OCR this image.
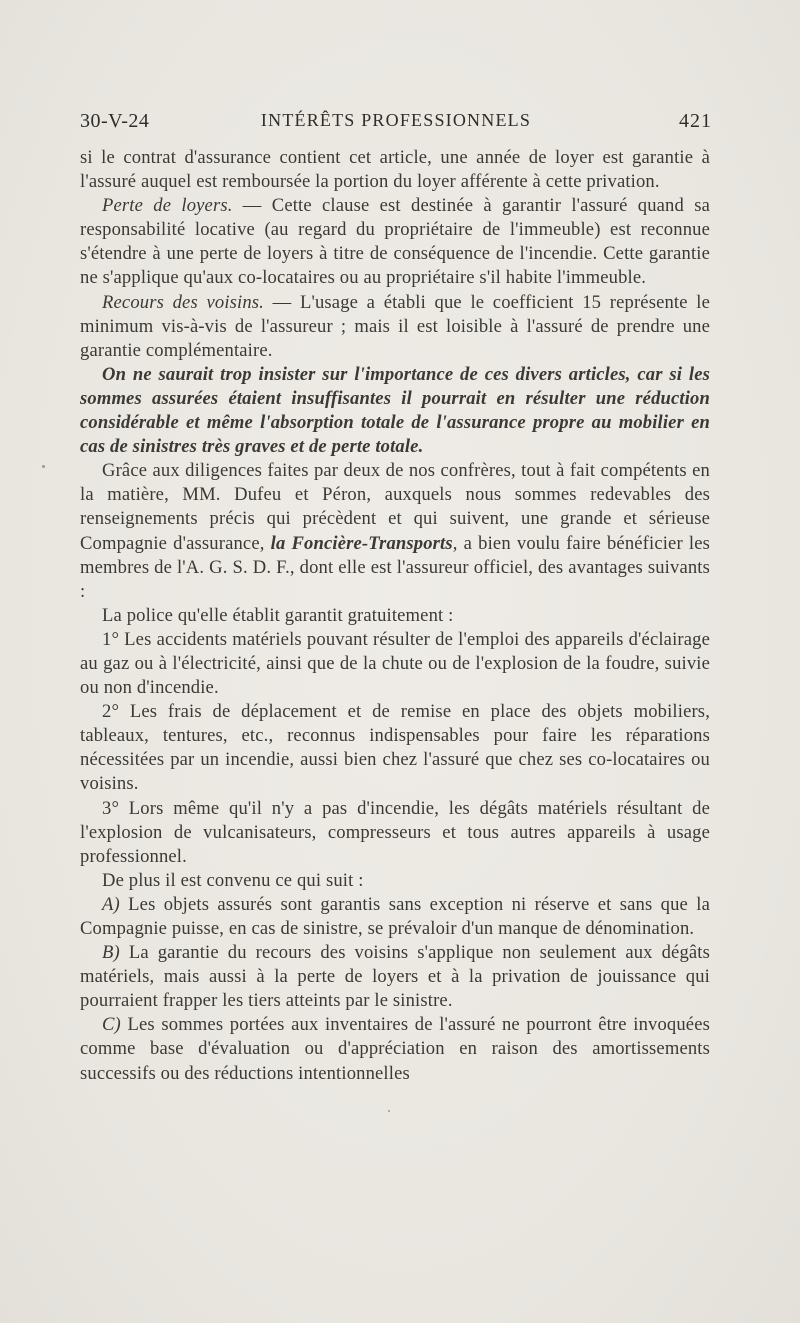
30-V-24	INTÉRÊTS PROFESSIONNELS	421

si le contrat d'assurance contient cet article, une année de loyer est garantie à l'assuré auquel est remboursée la portion du loyer afférente à cette privation.

Perte de loyers. — Cette clause est destinée à garantir l'assuré quand sa responsabilité locative (au regard du propriétaire de l'immeuble) est reconnue s'étendre à une perte de loyers à titre de conséquence de l'incendie. Cette garantie ne s'applique qu'aux co-locataires ou au propriétaire s'il habite l'immeuble.

Recours des voisins. — L'usage a établi que le coefficient 15 représente le minimum vis-à-vis de l'assureur ; mais il est loisible à l'assuré de prendre une garantie complémentaire.

On ne saurait trop insister sur l'importance de ces divers articles, car si les sommes assurées étaient insuffisantes il pourrait en résulter une réduction considérable et même l'absorption totale de l'assurance propre au mobilier en cas de sinistres très graves et de perte totale.

Grâce aux diligences faites par deux de nos confrères, tout à fait compétents en la matière, MM. Dufeu et Péron, auxquels nous sommes redevables des renseignements précis qui précèdent et qui suivent, une grande et sérieuse Compagnie d'assurance, la Foncière-Transports, a bien voulu faire bénéficier les membres de l'A. G. S. D. F., dont elle est l'assureur officiel, des avantages suivants :

La police qu'elle établit garantit gratuitement :

1° Les accidents matériels pouvant résulter de l'emploi des appareils d'éclairage au gaz ou à l'électricité, ainsi que de la chute ou de l'explosion de la foudre, suivie ou non d'incendie.

2° Les frais de déplacement et de remise en place des objets mobiliers, tableaux, tentures, etc., reconnus indispensables pour faire les réparations nécessitées par un incendie, aussi bien chez l'assuré que chez ses co-locataires ou voisins.

3° Lors même qu'il n'y a pas d'incendie, les dégâts matériels résultant de l'explosion de vulcanisateurs, compresseurs et tous autres appareils à usage professionnel.

De plus il est convenu ce qui suit :

A) Les objets assurés sont garantis sans exception ni réserve et sans que la Compagnie puisse, en cas de sinistre, se prévaloir d'un manque de dénomination.

B) La garantie du recours des voisins s'applique non seulement aux dégâts matériels, mais aussi à la perte de loyers et à la privation de jouissance qui pourraient frapper les tiers atteints par le sinistre.

C) Les sommes portées aux inventaires de l'assuré ne pourront être invoquées comme base d'évaluation ou d'appréciation en raison des amortissements successifs ou des réductions intentionnelles
